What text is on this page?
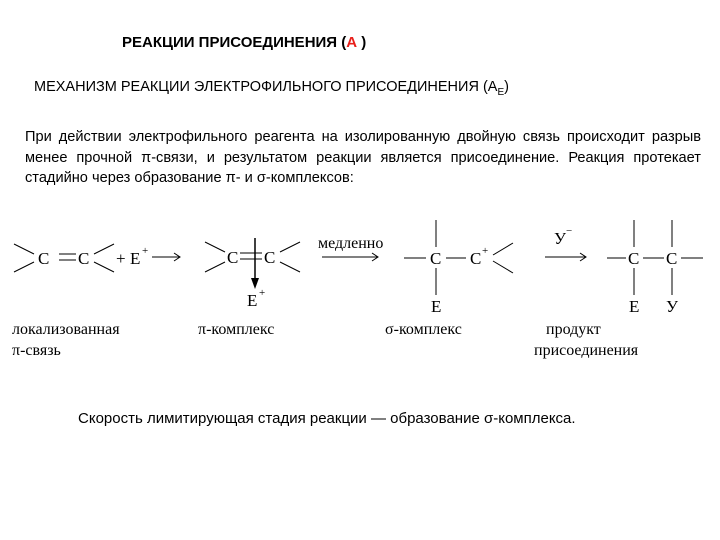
РЕАКЦИИ ПРИСОЕДИНЕНИЯ (А )
МЕХАНИЗМ РЕАКЦИИ ЭЛЕКТРОФИЛЬНОГО ПРИСОЕДИНЕНИЯ $(А_Е)$
При действии электрофильного реагента на изолированную двойную связь происходит разрыв менее прочной π-связи, и результатом реакции является присоединение. Реакция протекает стадийно через образование π- и σ-комплексов:
C C + E +	C C
E +
медленно
C C +
E
У −
C C
E У
локализованная
π-связь
π-комплекс	σ-комплекс	продукт
присоединения
Скорость лимитирующая стадия реакции — образование σ-комплекса.
